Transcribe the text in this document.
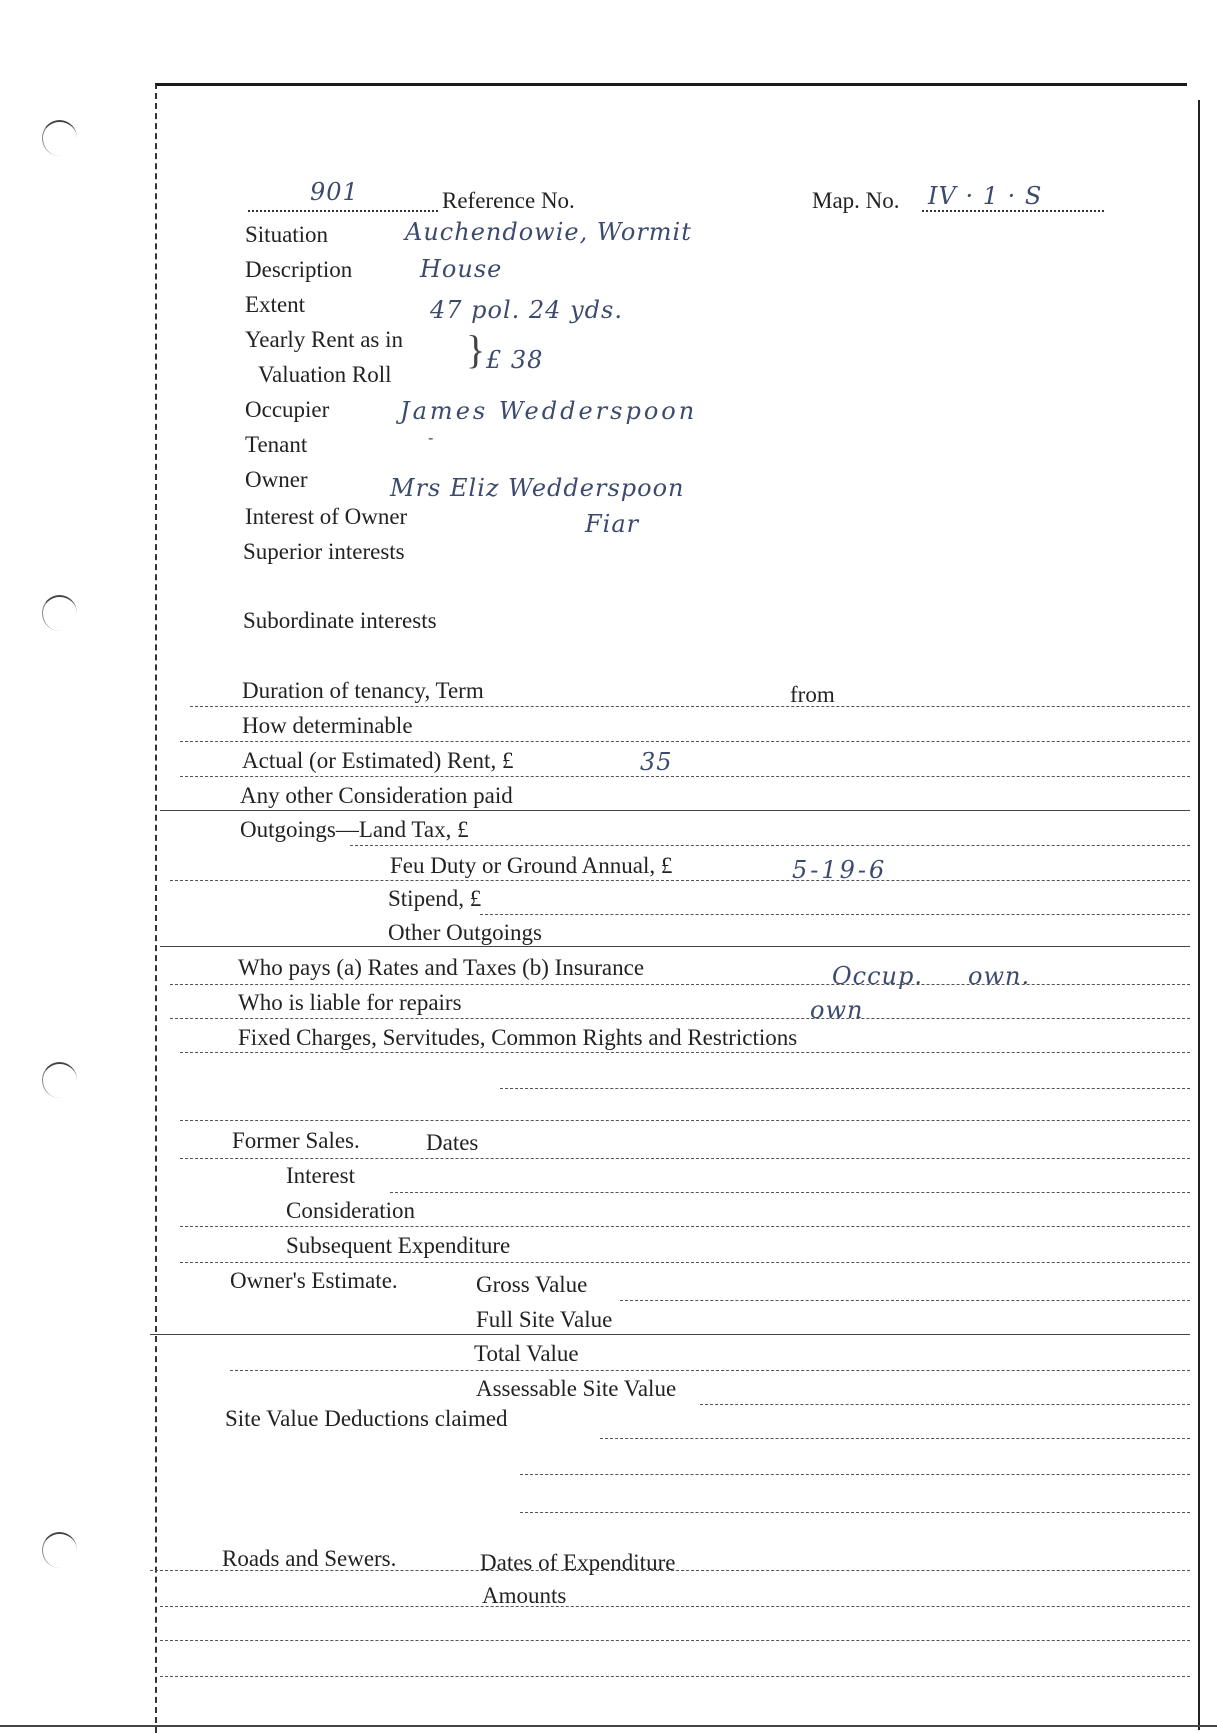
901	Reference No.	Map. No. IV · 1 · S
Situation	Auchendowie, Wormit
Description	House
Extent	47 pol. 24 yds.
Yearly Rent as in
Valuation Roll
} £ 38
Occupier	James Wedderspoon
Tenant	-
Owner	Mrs Eliz Wedderspoon
Interest of Owner	Fiar
Superior interests
Subordinate interests
Duration of tenancy, Term	from
How determinable
Actual (or Estimated) Rent, £	35
Any other Consideration paid
Outgoings—Land Tax, £
Feu Duty or Ground Annual, £	5-19-6
Stipend, £
Other Outgoings
Who pays (a) Rates and Taxes (b) Insurance	Occup. own.
Who is liable for repairs	own
Fixed Charges, Servitudes, Common Rights and Restrictions
Former Sales.	Dates
Interest
Consideration
Subsequent Expenditure
Owner's Estimate.	Gross Value
Full Site Value
Total Value
Assessable Site Value
Site Value Deductions claimed
Roads and Sewers.	Dates of Expenditure
Amounts
